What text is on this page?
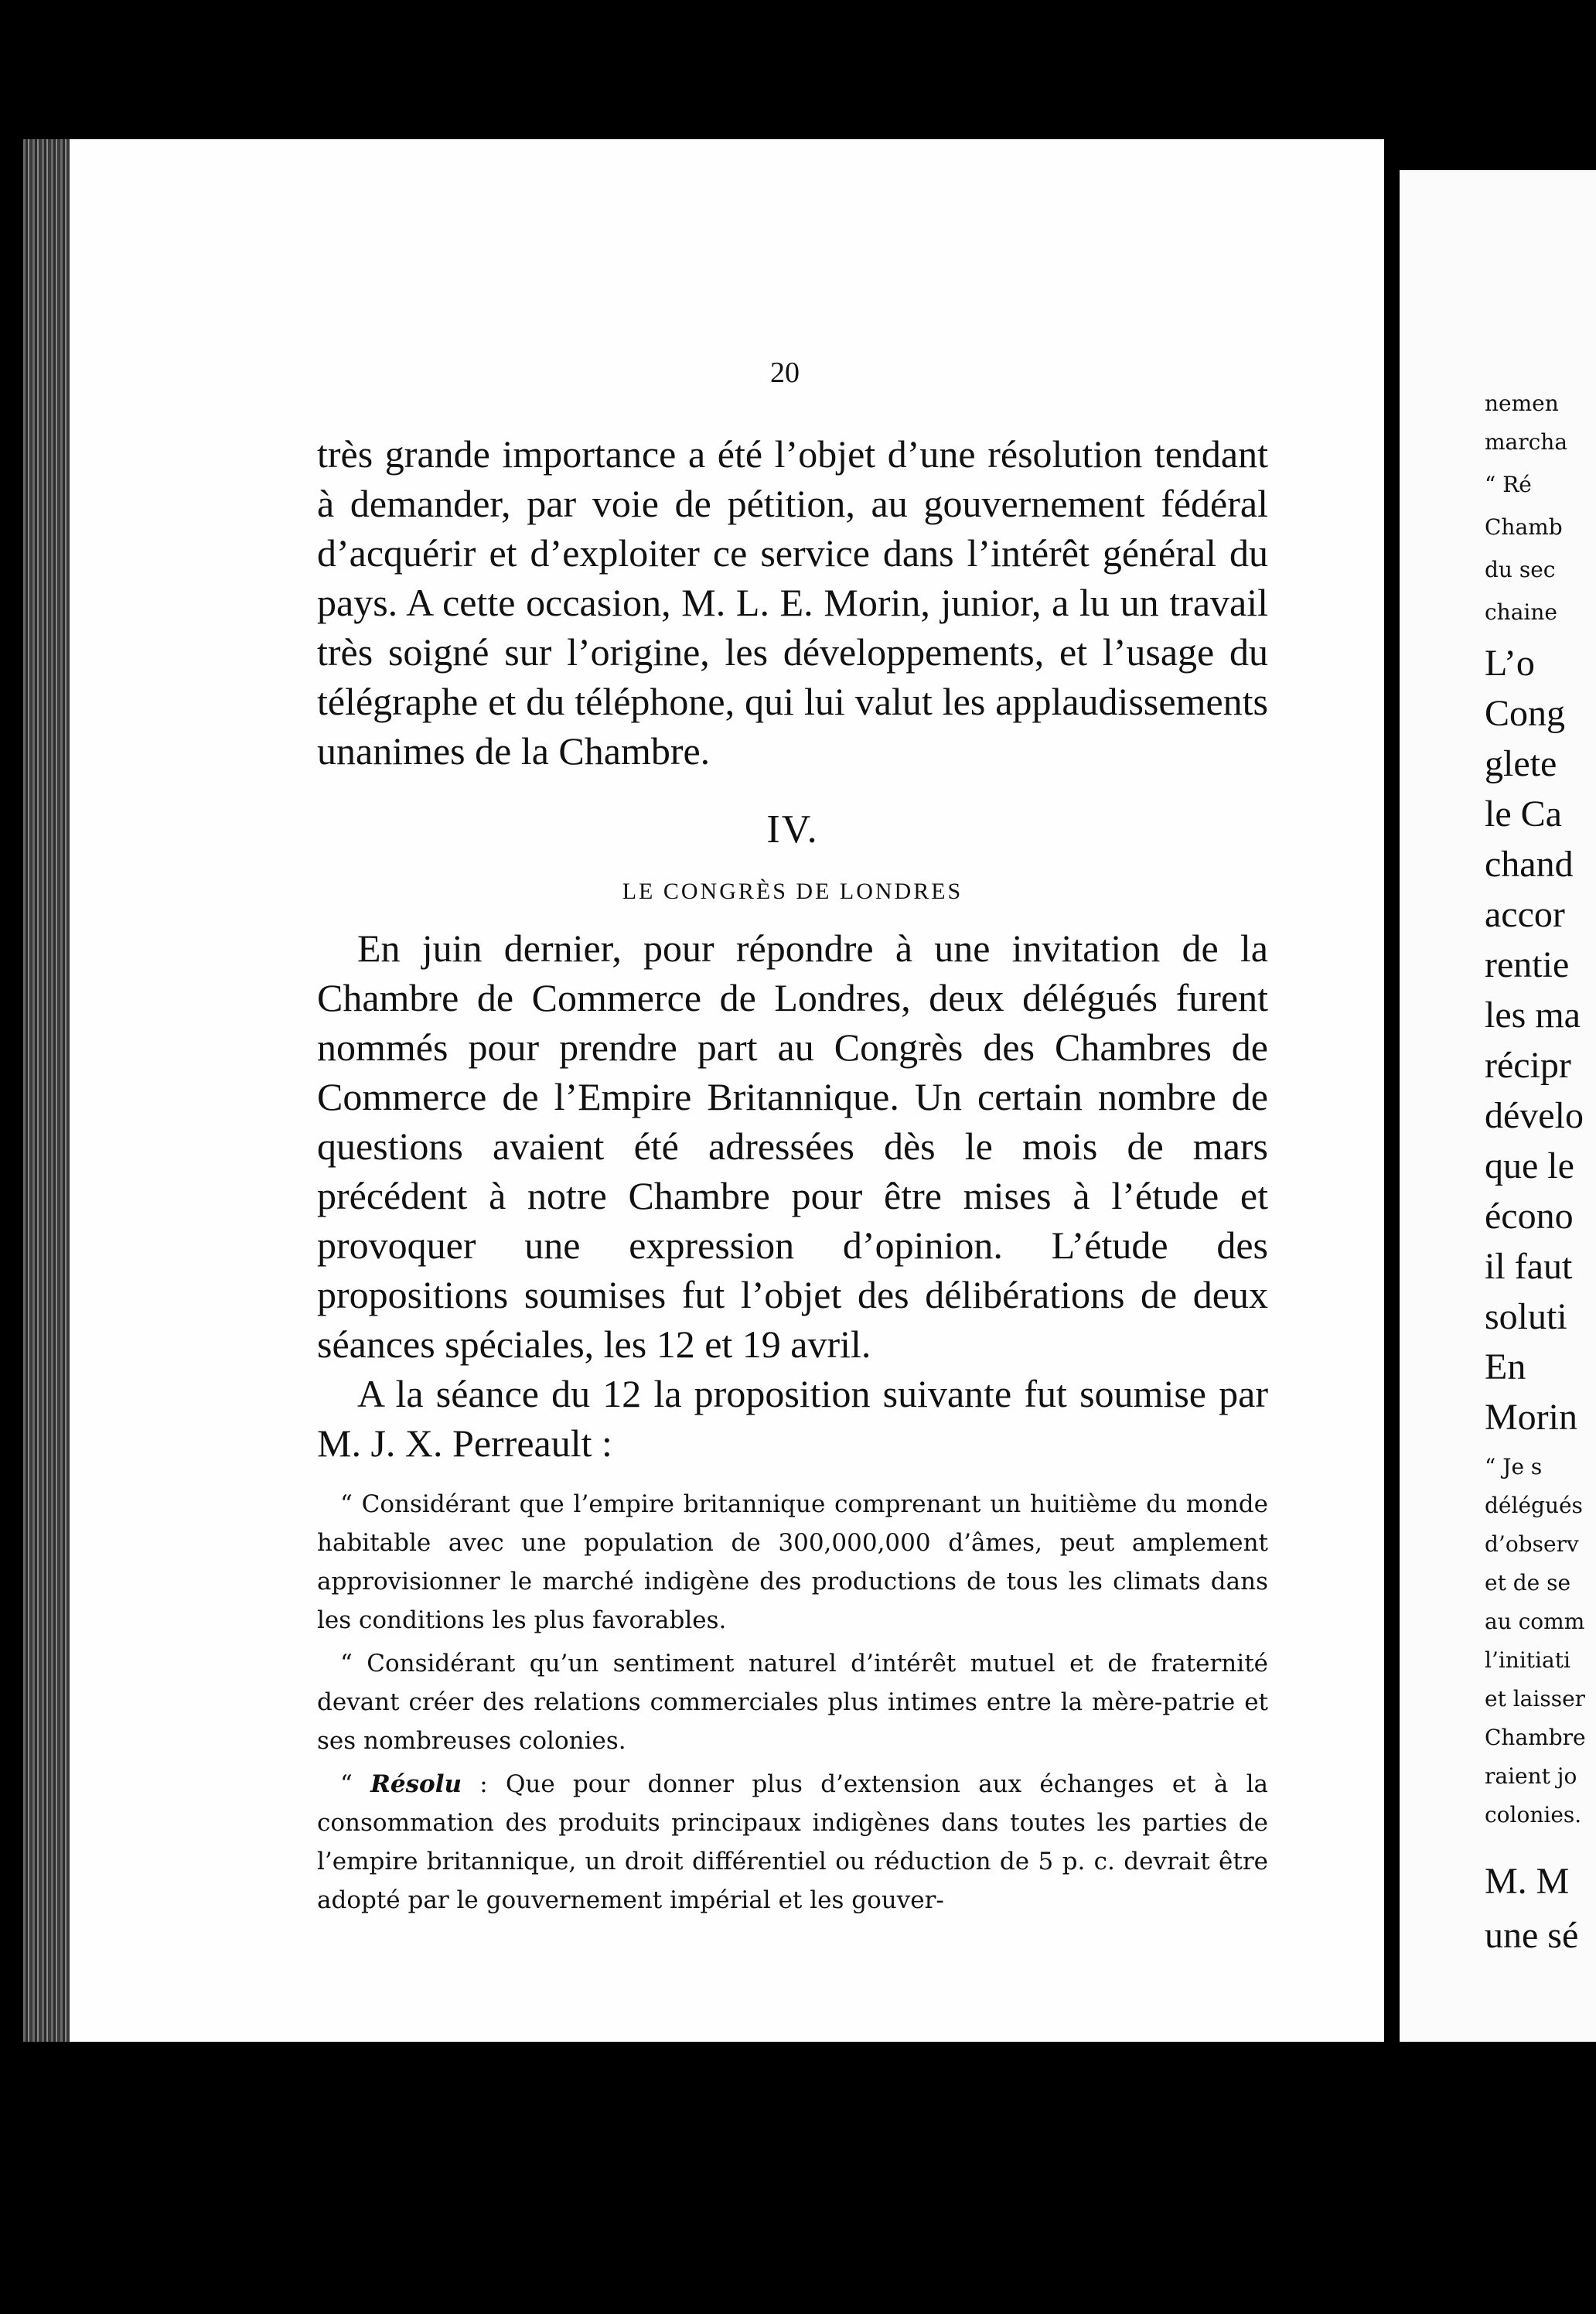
20

très grande importance a été l’objet d’une résolution tendant à demander, par voie de pétition, au gouvernement fédéral d’acquérir et d’exploiter ce service dans l’intérêt général du pays. A cette occasion, M. L. E. Morin, junior, a lu un travail très soigné sur l’origine, les développements, et l’usage du télégraphe et du téléphone, qui lui valut les applaudissements unanimes de la Chambre.

IV.

LE CONGRÈS DE LONDRES

En juin dernier, pour répondre à une invitation de la Chambre de Commerce de Londres, deux délégués furent nommés pour prendre part au Congrès des Chambres de Commerce de l’Empire Britannique. Un certain nombre de questions avaient été adressées dès le mois de mars précédent à notre Chambre pour être mises à l’étude et provoquer une expression d’opinion. L’étude des propositions soumises fut l’objet des délibérations de deux séances spéciales, les 12 et 19 avril.

A la séance du 12 la proposition suivante fut soumise par M. J. X. Perreault :

“ Considérant que l’empire britannique comprenant un huitième du monde habitable avec une population de 300,000,000 d’âmes, peut amplement approvisionner le marché indigène des productions de tous les climats dans les conditions les plus favorables.

“ Considérant qu’un sentiment naturel d’intérêt mutuel et de fraternité devant créer des relations commerciales plus intimes entre la mère-patrie et ses nombreuses colonies.

“ Résolu : Que pour donner plus d’extension aux échanges et à la consommation des produits principaux indigènes dans toutes les parties de l’empire britannique, un droit différentiel ou réduction de 5 p. c. devrait être adopté par le gouvernement impérial et les gouver-

nemen
marcha
“ Ré
Chamb
du sec
chaine
L’o
Cong
glete
le Ca
chand
accor
rentie
les ma
récipr
dévelo
que le
écono
il faut
soluti
En
Morin
“ Je s
délégués
d’observ
et de se
au comm
l’initiati
et laisser
Chambre
raient jo
colonies.
M. M
une sé
